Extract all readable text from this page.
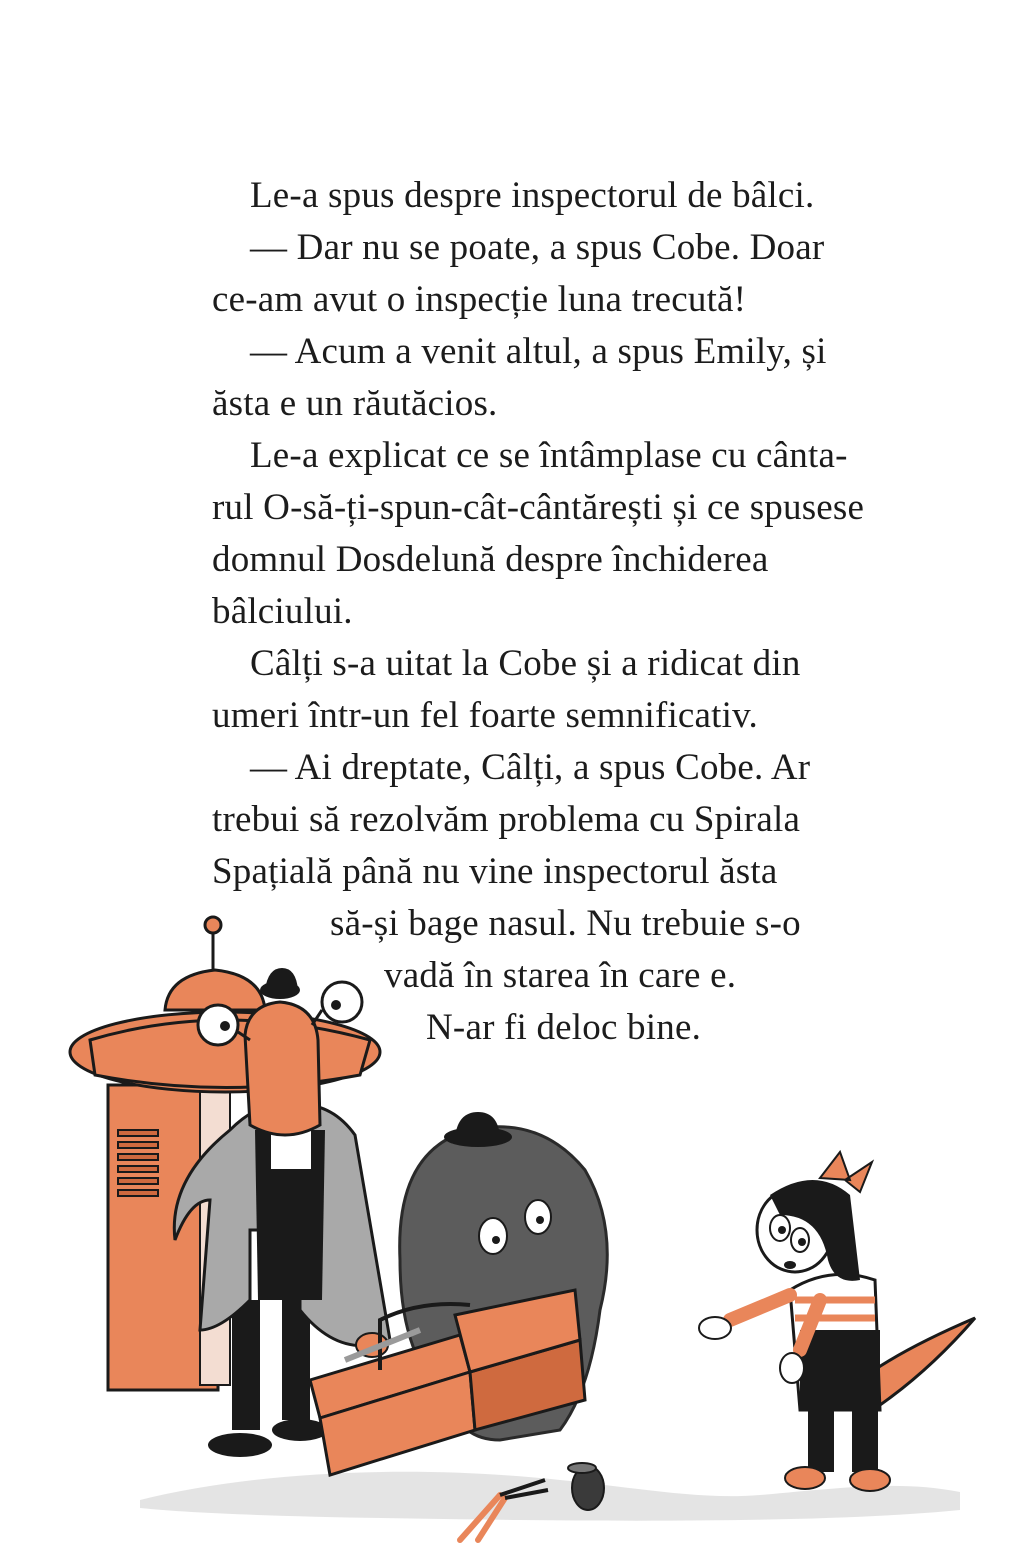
Le-a spus despre inspectorul de bâlci.
— Dar nu se poate, a spus Cobe. Doar
ce-am avut o inspecție luna trecută!
— Acum a venit altul, a spus Emily, și
ăsta e un răutăcios.
Le-a explicat ce se întâmplase cu cânta-
rul O-să-ți-spun-cât-cântărești și ce spusese
domnul Dosdelună despre închiderea
bâlciului.
Câlți s-a uitat la Cobe și a ridicat din
umeri într-un fel foarte semnificativ.
— Ai dreptate, Câlți, a spus Cobe. Ar
trebui să rezolvăm problema cu Spirala
Spațială până nu vine inspectorul ăsta
să-și bage nasul. Nu trebuie s-o
vadă în starea în care e.
N-ar fi deloc bine.
